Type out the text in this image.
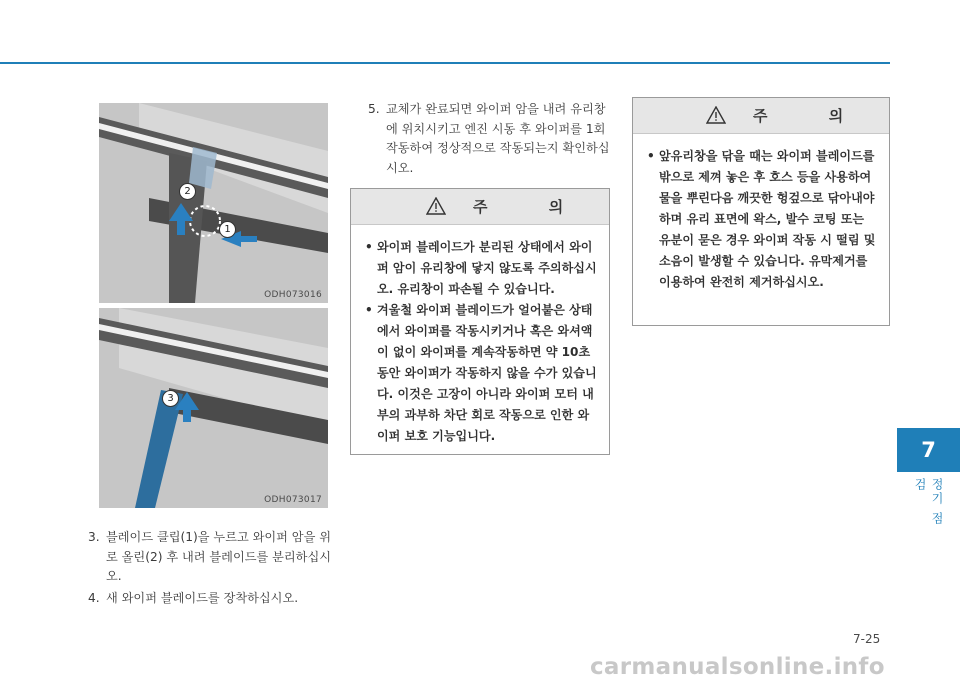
2
1
ODH073016
3
ODH073017
3. 블레이드 클립(1)을 누르고 와이퍼 암을 위로 올린(2) 후 내려 블레이드를 분리하십시오.
4. 새 와이퍼 블레이드를 장착하십시오.
5. 교체가 완료되면 와이퍼 암을 내려 유리창에 위치시키고 엔진 시동 후 와이퍼를 1회 작동하여 정상적으로 작동되는지 확인하십시오.
주 의
• 와이퍼 블레이드가 분리된 상태에서 와이퍼 암이 유리창에 닿지 않도록 주의하십시오. 유리창이 파손될 수 있습니다.
• 겨울철 와이퍼 블레이드가 얼어붙은 상태에서 와이퍼를 작동시키거나 혹은 와셔액이 없이 와이퍼를 계속작동하면 약 10초동안 와이퍼가 작동하지 않을 수가 있습니다. 이것은 고장이 아니라 와이퍼 모터 내부의 과부하 차단 회로 작동으로 인한 와이퍼 보호 기능입니다.
주 의
• 앞유리창을 닦을 때는 와이퍼 블레이드를 밖으로 제껴 놓은 후 호스 등을 사용하여 물을 뿌린다음 깨끗한 헝겊으로 닦아내야 하며 유리 표면에 왁스, 발수 코팅 또는 유분이 묻은 경우 와이퍼 작동 시 떨림 및 소음이 발생할 수 있습니다. 유막제거를 이용하여 완전히 제거하십시오.
7
정기 점검
7-25
carmanualsonline.info
